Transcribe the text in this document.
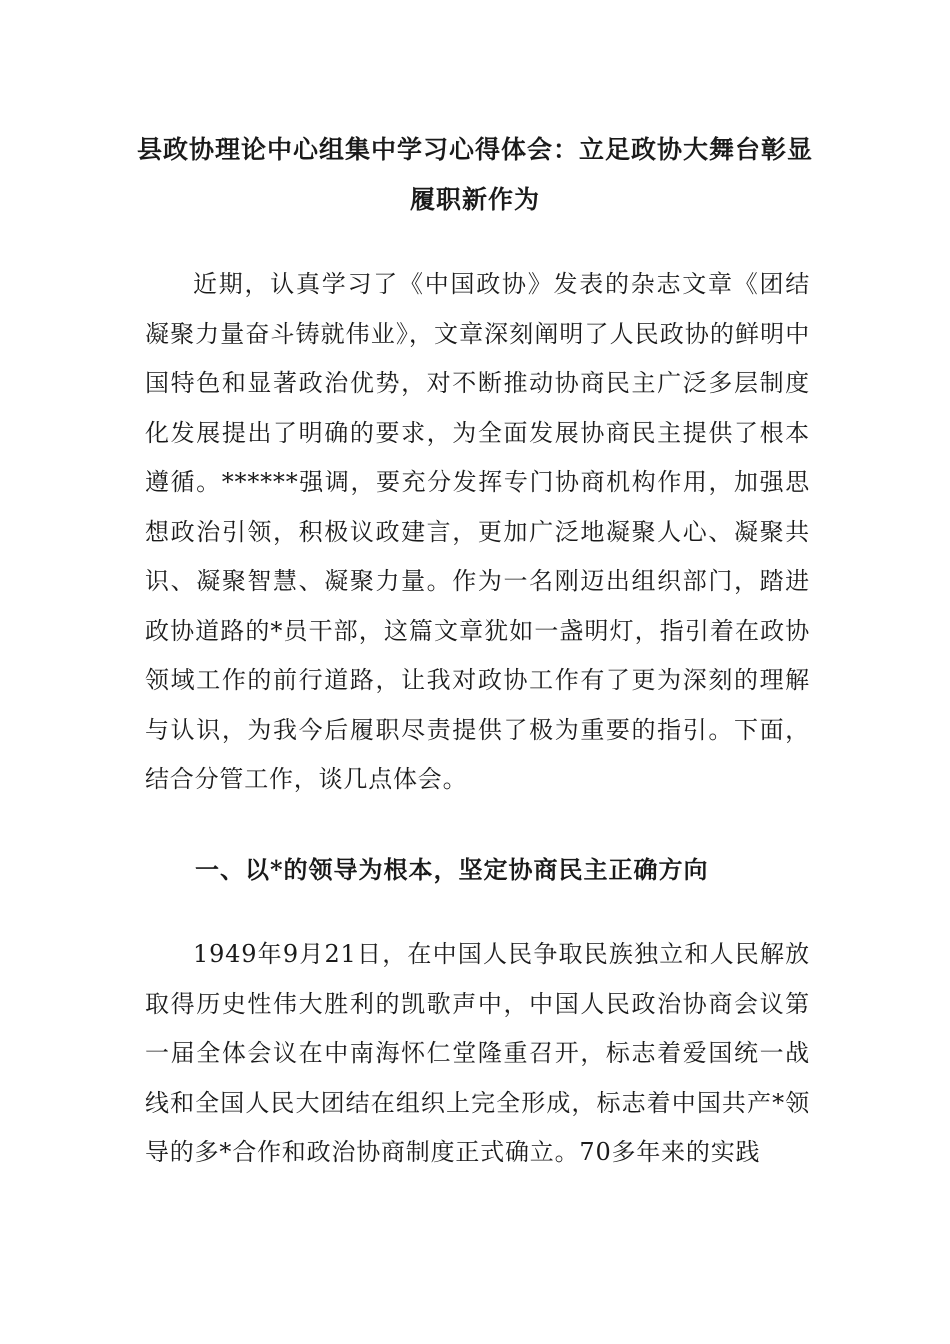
县政协理论中心组集中学习心得体会：立足政协大舞台彰显
履职新作为

近期，认真学习了《中国政协》发表的杂志文章《团结凝聚力量奋斗铸就伟业》，文章深刻阐明了人民政协的鲜明中国特色和显著政治优势，对不断推动协商民主广泛多层制度化发展提出了明确的要求，为全面发展协商民主提供了根本遵循。******强调，要充分发挥专门协商机构作用，加强思想政治引领，积极议政建言，更加广泛地凝聚人心、凝聚共识、凝聚智慧、凝聚力量。作为一名刚迈出组织部门，踏进政协道路的*员干部，这篇文章犹如一盏明灯，指引着在政协领域工作的前行道路，让我对政协工作有了更为深刻的理解与认识，为我今后履职尽责提供了极为重要的指引。下面，结合分管工作，谈几点体会。

一、以*的领导为根本，坚定协商民主正确方向

1949年9月21日，在中国人民争取民族独立和人民解放取得历史性伟大胜利的凯歌声中，中国人民政治协商会议第一届全体会议在中南海怀仁堂隆重召开，标志着爱国统一战线和全国人民大团结在组织上完全形成，标志着中国共产*领导的多*合作和政治协商制度正式确立。70多年来的实践
